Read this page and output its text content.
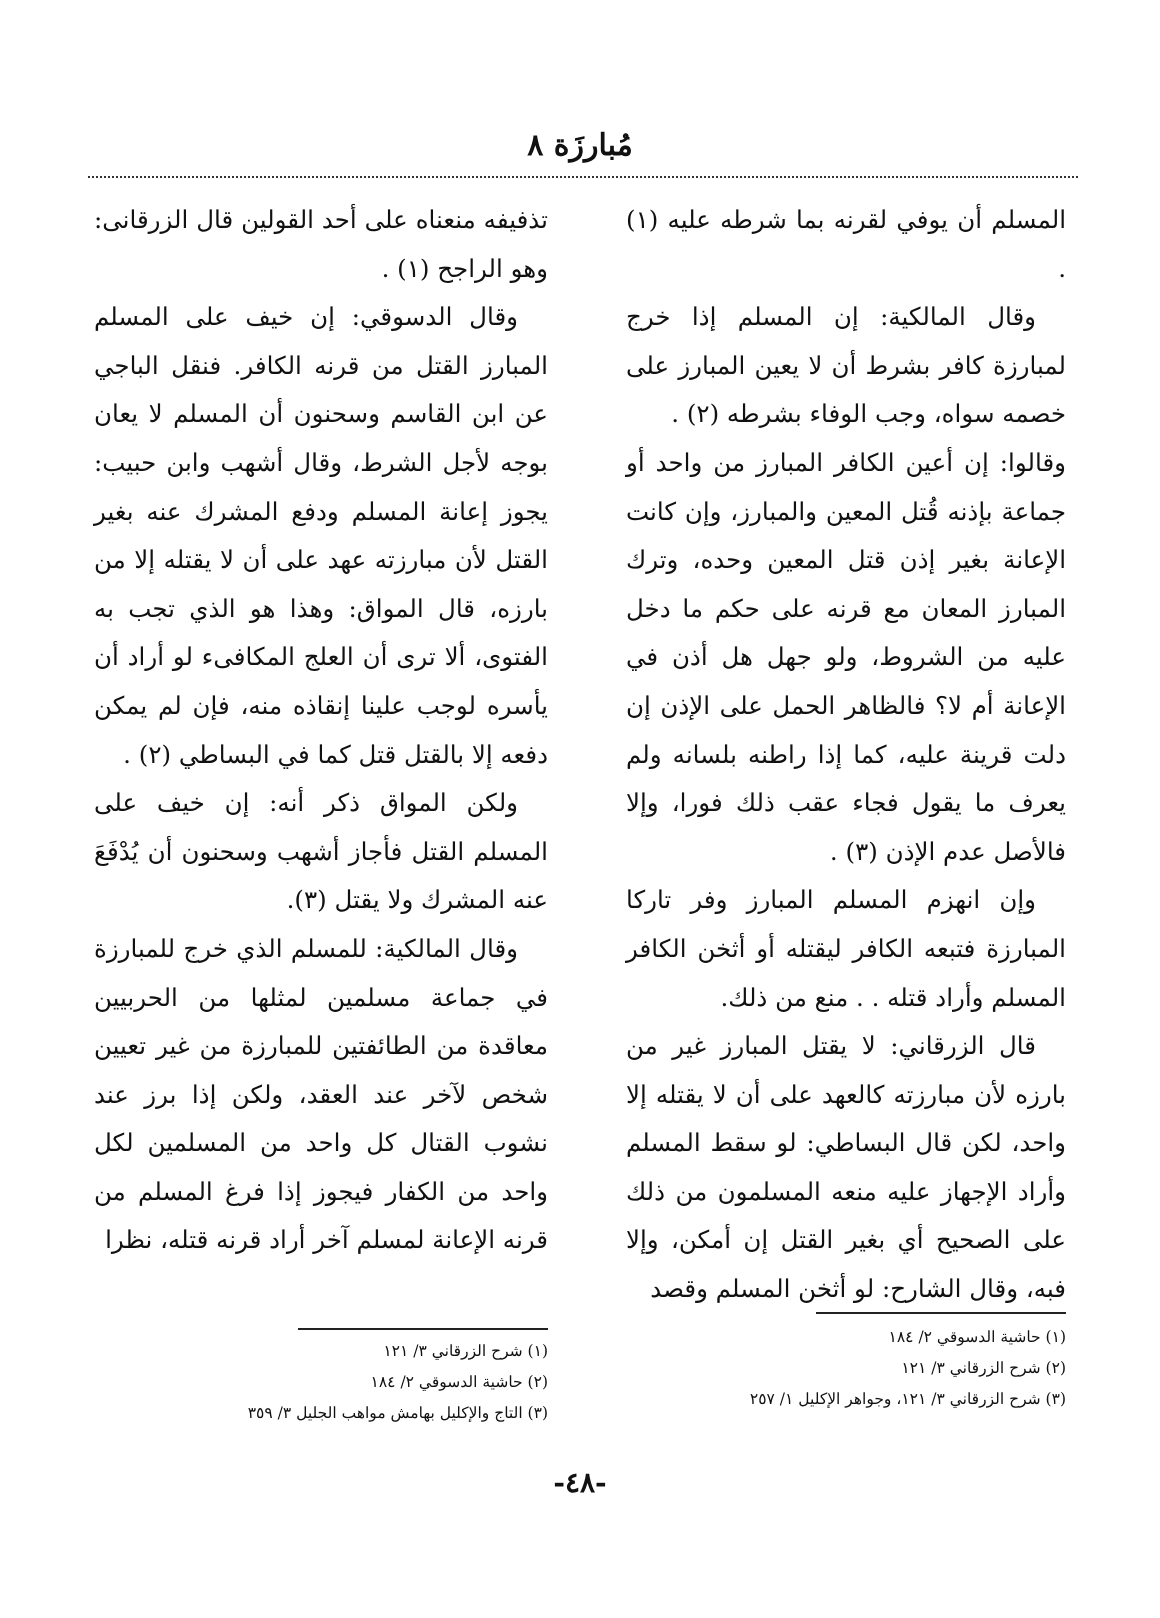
مُبارزَة ٨

المسلم أن يوفي لقرنه بما شرطه عليه (١) .

وقال المالكية: إن المسلم إذا خرج لمبارزة كافر بشرط أن لا يعين المبارز على خصمه سواه، وجب الوفاء بشرطه (٢) .

وقالوا: إن أعين الكافر المبارز من واحد أو جماعة بإذنه قُتل المعين والمبارز، وإن كانت الإعانة بغير إذن قتل المعين وحده، وترك المبارز المعان مع قرنه على حكم ما دخل عليه من الشروط، ولو جهل هل أذن في الإعانة أم لا؟ فالظاهر الحمل على الإذن إن دلت قرينة عليه، كما إذا راطنه بلسانه ولم يعرف ما يقول فجاء عقب ذلك فورا، وإلا فالأصل عدم الإذن (٣) .

وإن انهزم المسلم المبارز وفر تاركا المبارزة فتبعه الكافر ليقتله أو أثخن الكافر المسلم وأراد قتله . . منع من ذلك.

قال الزرقاني: لا يقتل المبارز غير من بارزه لأن مبارزته كالعهد على أن لا يقتله إلا واحد، لكن قال البساطي: لو سقط المسلم وأراد الإجهاز عليه منعه المسلمون من ذلك على الصحيح أي بغير القتل إن أمكن، وإلا فبه، وقال الشارح: لو أثخن المسلم وقصد

تذفيفه منعناه على أحد القولين قال الزرقانى: وهو الراجح (١) .

وقال الدسوقي: إن خيف على المسلم المبارز القتل من قرنه الكافر. فنقل الباجي عن ابن القاسم وسحنون أن المسلم لا يعان بوجه لأجل الشرط، وقال أشهب وابن حبيب: يجوز إعانة المسلم ودفع المشرك عنه بغير القتل لأن مبارزته عهد على أن لا يقتله إلا من بارزه، قال المواق: وهذا هو الذي تجب به الفتوى، ألا ترى أن العلج المكافىء لو أراد أن يأسره لوجب علينا إنقاذه منه، فإن لم يمكن دفعه إلا بالقتل قتل كما في البساطي (٢) .

ولكن المواق ذكر أنه: إن خيف على المسلم القتل فأجاز أشهب وسحنون أن يُدْفَعَ عنه المشرك ولا يقتل (٣).

وقال المالكية: للمسلم الذي خرج للمبارزة في جماعة مسلمين لمثلها من الحربيين معاقدة من الطائفتين للمبارزة من غير تعيين شخص لآخر عند العقد، ولكن إذا برز عند نشوب القتال كل واحد من المسلمين لكل واحد من الكفار فيجوز إذا فرغ المسلم من قرنه الإعانة لمسلم آخر أراد قرنه قتله، نظرا

(١) حاشية الدسوقي ٢/ ١٨٤
(٢) شرح الزرقاني ٣/ ١٢١
(٣) شرح الزرقاني ٣/ ١٢١، وجواهر الإكليل ١/ ٢٥٧
(١) شرح الزرقاني ٣/ ١٢١
(٢) حاشية الدسوقي ٢/ ١٨٤
(٣) التاج والإكليل بهامش مواهب الجليل ٣/ ٣٥٩
-٤٨-
